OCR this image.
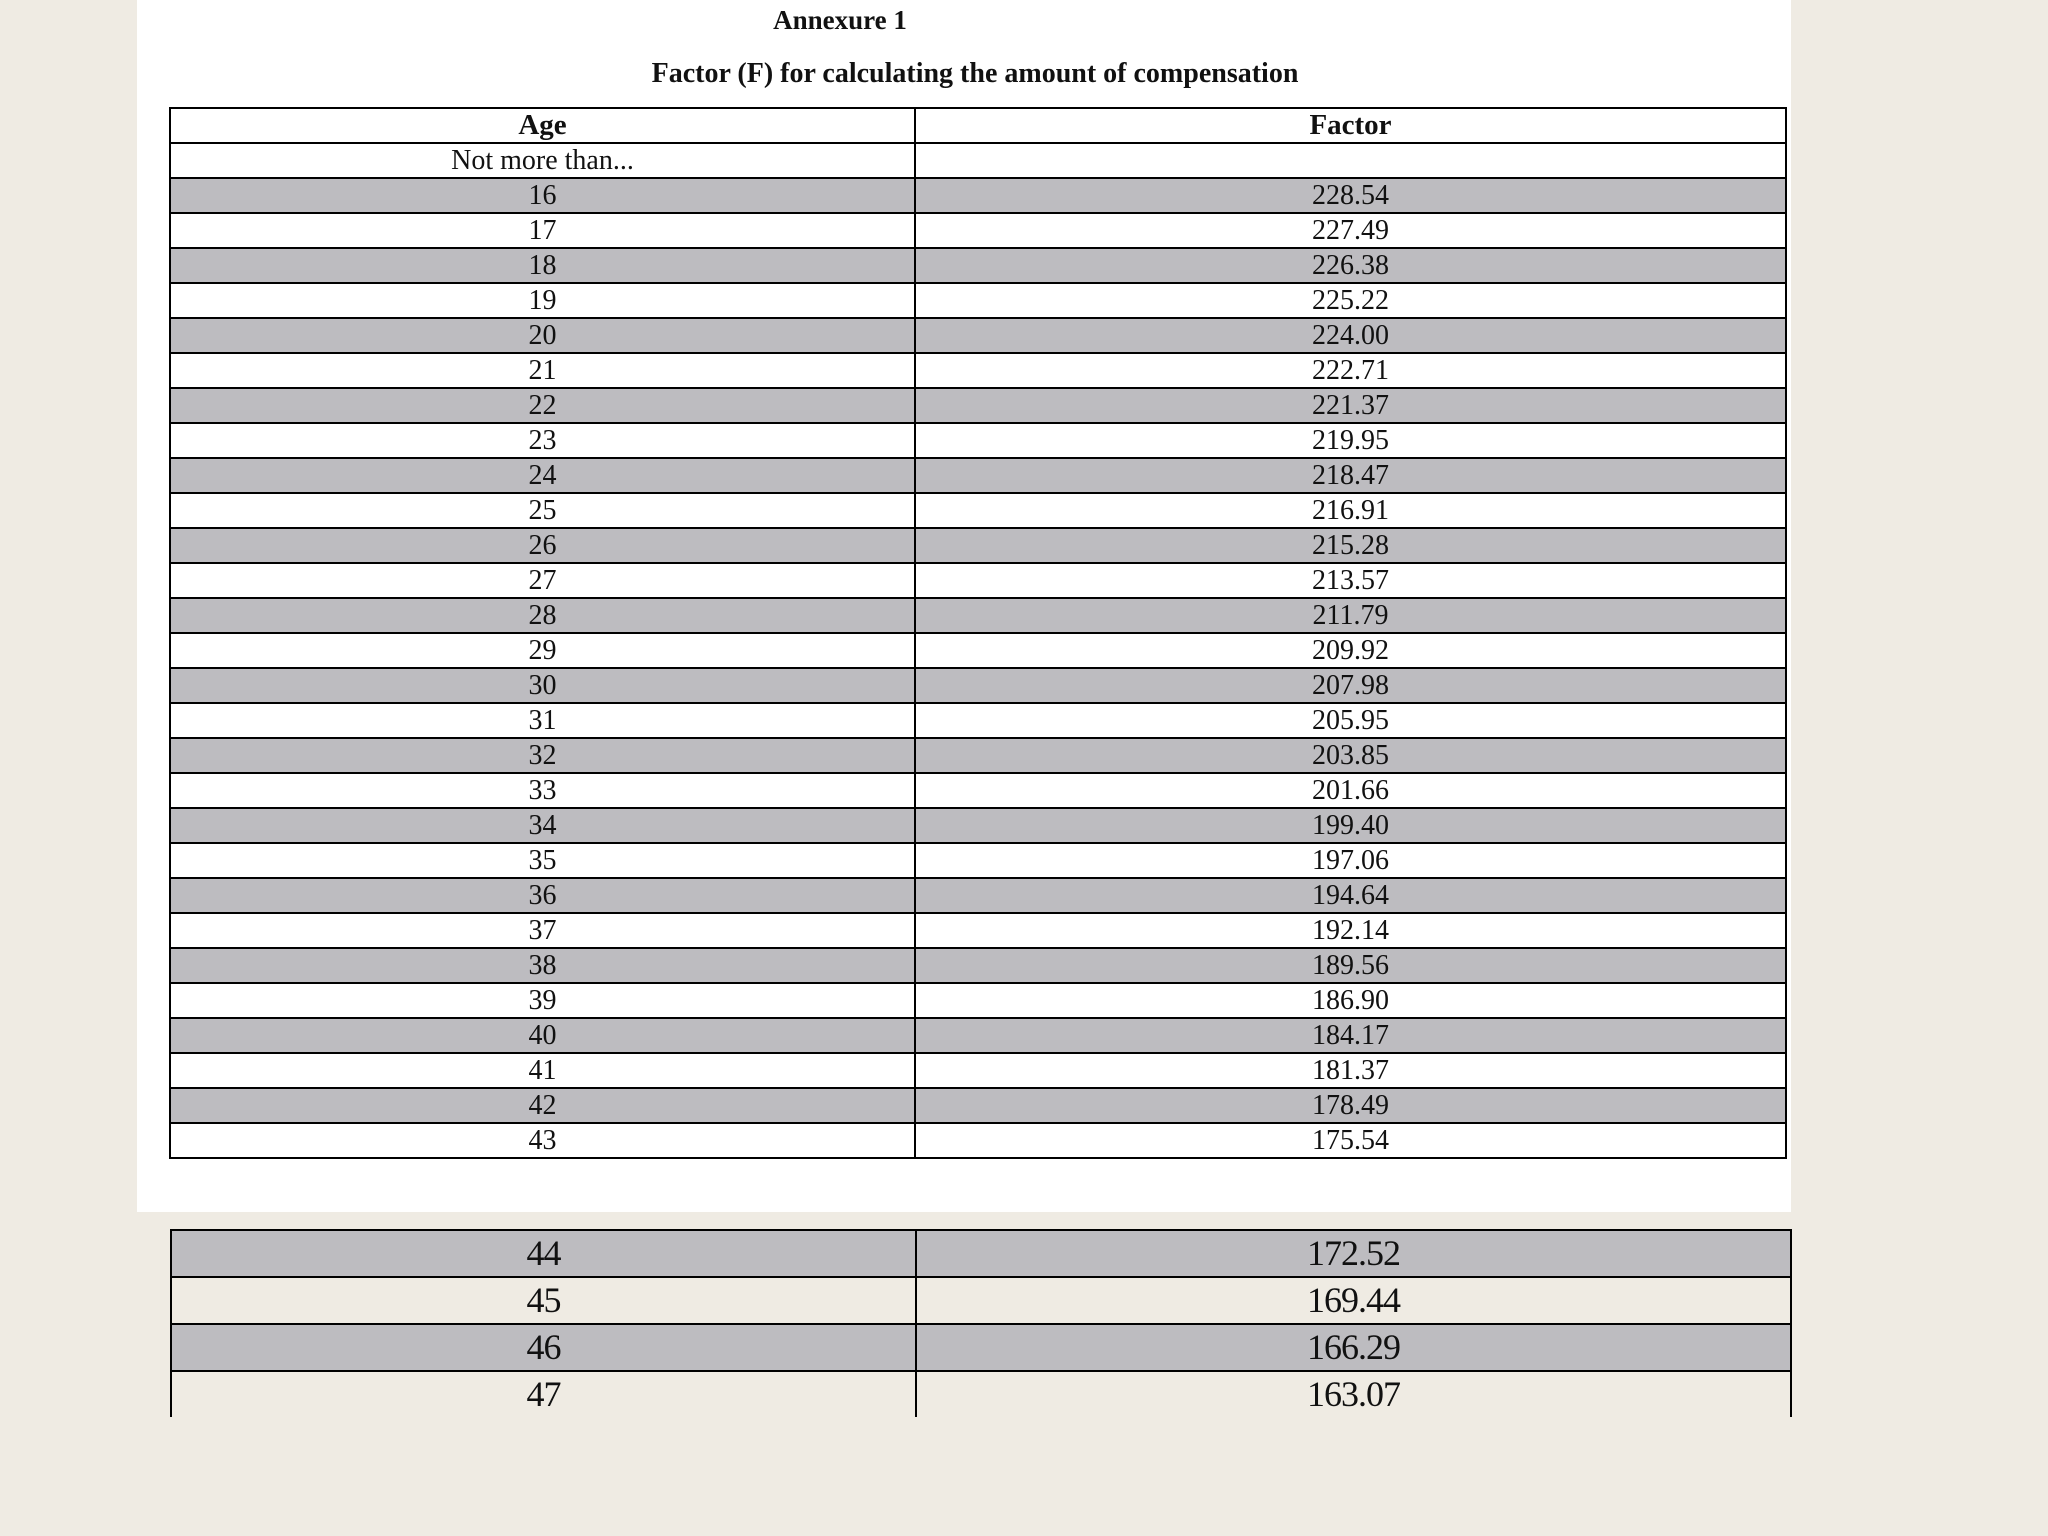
Annexure 1
Factor (F) for calculating the amount of compensation
Age	Factor
Not more than...	
16	228.54
17	227.49
18	226.38
19	225.22
20	224.00
21	222.71
22	221.37
23	219.95
24	218.47
25	216.91
26	215.28
27	213.57
28	211.79
29	209.92
30	207.98
31	205.95
32	203.85
33	201.66
34	199.40
35	197.06
36	194.64
37	192.14
38	189.56
39	186.90
40	184.17
41	181.37
42	178.49
43	175.54
44	172.52
45	169.44
46	166.29
47	163.07
